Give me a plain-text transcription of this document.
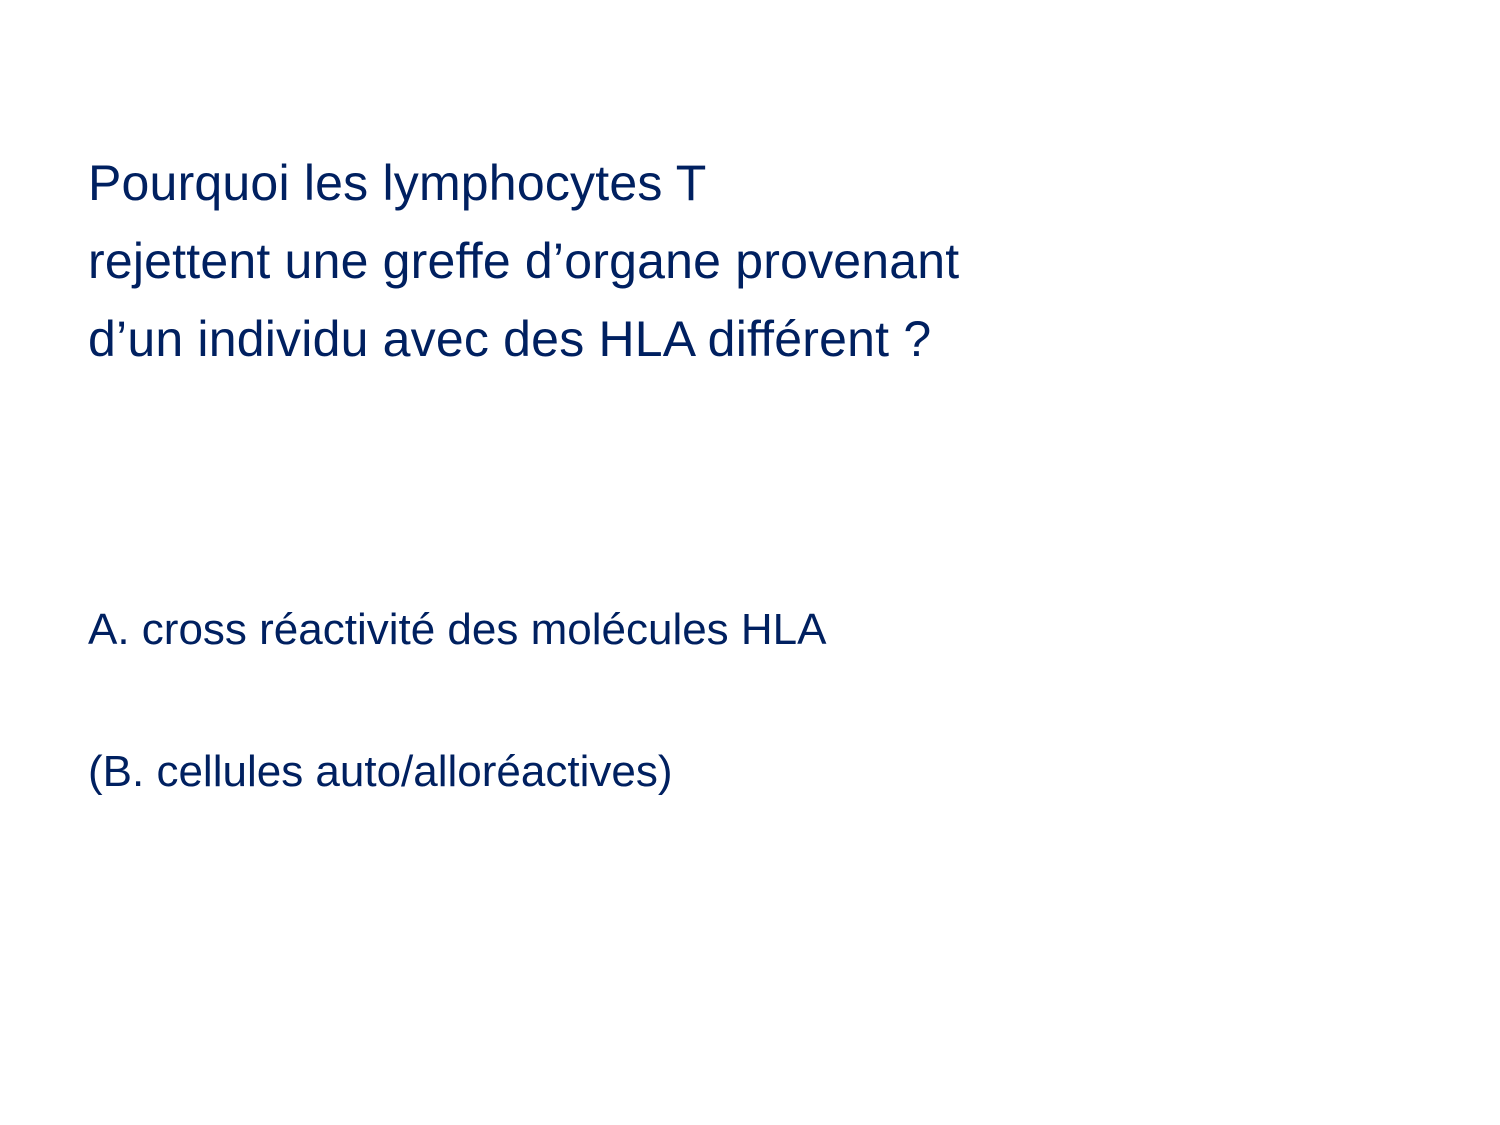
Pourquoi les lymphocytes T
rejettent une greffe d’organe provenant
d’un individu avec des HLA différent ?
A. cross réactivité des molécules HLA
(B. cellules auto/alloréactives)
